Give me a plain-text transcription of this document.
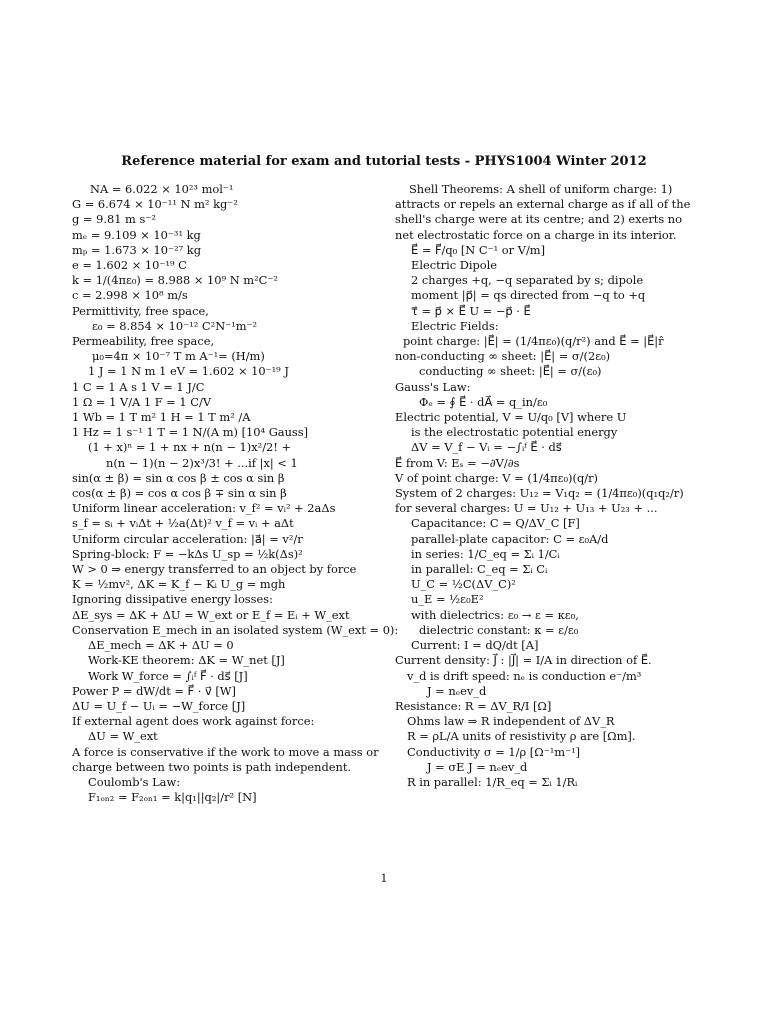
Reference material for exam and tutorial tests - PHYS1004 Winter 2012
NA = 6.022 × 10²³ mol⁻¹
G = 6.674 × 10⁻¹¹ N m² kg⁻²
g = 9.81 m s⁻²
mₑ = 9.109 × 10⁻³¹ kg
mₚ = 1.673 × 10⁻²⁷ kg
e = 1.602 × 10⁻¹⁹ C
k = 1/(4πε₀) = 8.988 × 10⁹ N m²C⁻²
c = 2.998 × 10⁸ m/s
Permittivity, free space,
ε₀ = 8.854 × 10⁻¹² C²N⁻¹m⁻²
Permeability, free space,
μ₀=4π × 10⁻⁷ T m A⁻¹= (H/m)
1 J = 1 N m 1 eV = 1.602 × 10⁻¹⁹ J
1 C = 1 A s 1 V = 1 J/C
1 Ω = 1 V/A 1 F = 1 C/V
1 Wb = 1 T m² 1 H = 1 T m² /A
1 Hz = 1 s⁻¹ 1 T = 1 N/(A m) [10⁴ Gauss]
(1 + x)ⁿ = 1 + nx + n(n − 1)x²/2! +
n(n − 1)(n − 2)x³/3! + ...if |x| < 1
sin(α ± β) = sin α cos β ± cos α sin β
cos(α ± β) = cos α cos β ∓ sin α sin β
Uniform linear acceleration: v_f² = vᵢ² + 2aΔs
s_f = sᵢ + vᵢΔt + ½a(Δt)² v_f = vᵢ + aΔt
Uniform circular acceleration: |a⃗| = v²/r
Spring-block: F = −kΔs U_sp = ½k(Δs)²
W > 0 ⇒ energy transferred to an object by force
K = ½mv², ΔK = K_f − Kᵢ U_g = mgh
Ignoring dissipative energy losses:
ΔE_sys = ΔK + ΔU = W_ext or E_f = Eᵢ + W_ext
Conservation E_mech in an isolated system (W_ext = 0):
ΔE_mech = ΔK + ΔU = 0
Work-KE theorem: ΔK = W_net [J]
Work W_force = ∫ᵢᶠ F⃗ · ds⃗ [J]
Power P = dW/dt = F⃗ · v⃗ [W]
ΔU = U_f − Uᵢ = −W_force [J]
If external agent does work against force:
ΔU = W_ext
A force is conservative if the work to move a mass or charge between two points is path independent.
Coulomb's Law:
F₁ₒₙ₂ = F₂ₒₙ₁ = k|q₁||q₂|/r² [N]
Shell Theorems: A shell of uniform charge: 1) attracts or repels an external charge as if all of the shell's charge were at its centre; and 2) exerts no net electrostatic force on a charge in its interior.
E⃗ = F⃗/q₀ [N C⁻¹ or V/m]
Electric Dipole
2 charges +q, −q separated by s; dipole
moment |p⃗| = qs directed from −q to +q
τ⃗ = p⃗ × E⃗ U = −p⃗ · E⃗
Electric Fields:
point charge: |E⃗| = (1/4πε₀)(q/r²) and E⃗ = |E⃗|r̂
non-conducting ∞ sheet: |E⃗| = σ/(2ε₀)
conducting ∞ sheet: |E⃗| = σ/(ε₀)
Gauss's Law:
Φₑ = ∮ E⃗ · dA⃗ = q_in/ε₀
Electric potential, V = U/q₀ [V] where U
is the electrostatic potential energy
ΔV = V_f − Vᵢ = −∫ᵢᶠ E⃗ · ds⃗
E⃗ from V: Eₛ = −∂V/∂s
V of point charge: V = (1/4πε₀)(q/r)
System of 2 charges: U₁₂ = V₁q₂ = (1/4πε₀)(q₁q₂/r)
for several charges: U = U₁₂ + U₁₃ + U₂₃ + ...
Capacitance: C = Q/ΔV_C [F]
parallel-plate capacitor: C = ε₀A/d
in series: 1/C_eq = Σᵢ 1/Cᵢ
in parallel: C_eq = Σᵢ Cᵢ
U_C = ½C(ΔV_C)²
u_E = ½ε₀E²
with dielectrics: ε₀ → ε = κε₀,
dielectric constant: κ = ε/ε₀
Current: I = dQ/dt [A]
Current density: J⃗ : |J⃗| = I/A in direction of E⃗.
v_d is drift speed: nₑ is conduction e⁻/m³
J = nₑev_d
Resistance: R = ΔV_R/I [Ω]
Ohms law ⇒ R independent of ΔV_R
R = ρL/A units of resistivity ρ are [Ωm].
Conductivity σ = 1/ρ [Ω⁻¹m⁻¹]
J = σE J = nₑev_d
R in parallel: 1/R_eq = Σᵢ 1/Rᵢ
1
